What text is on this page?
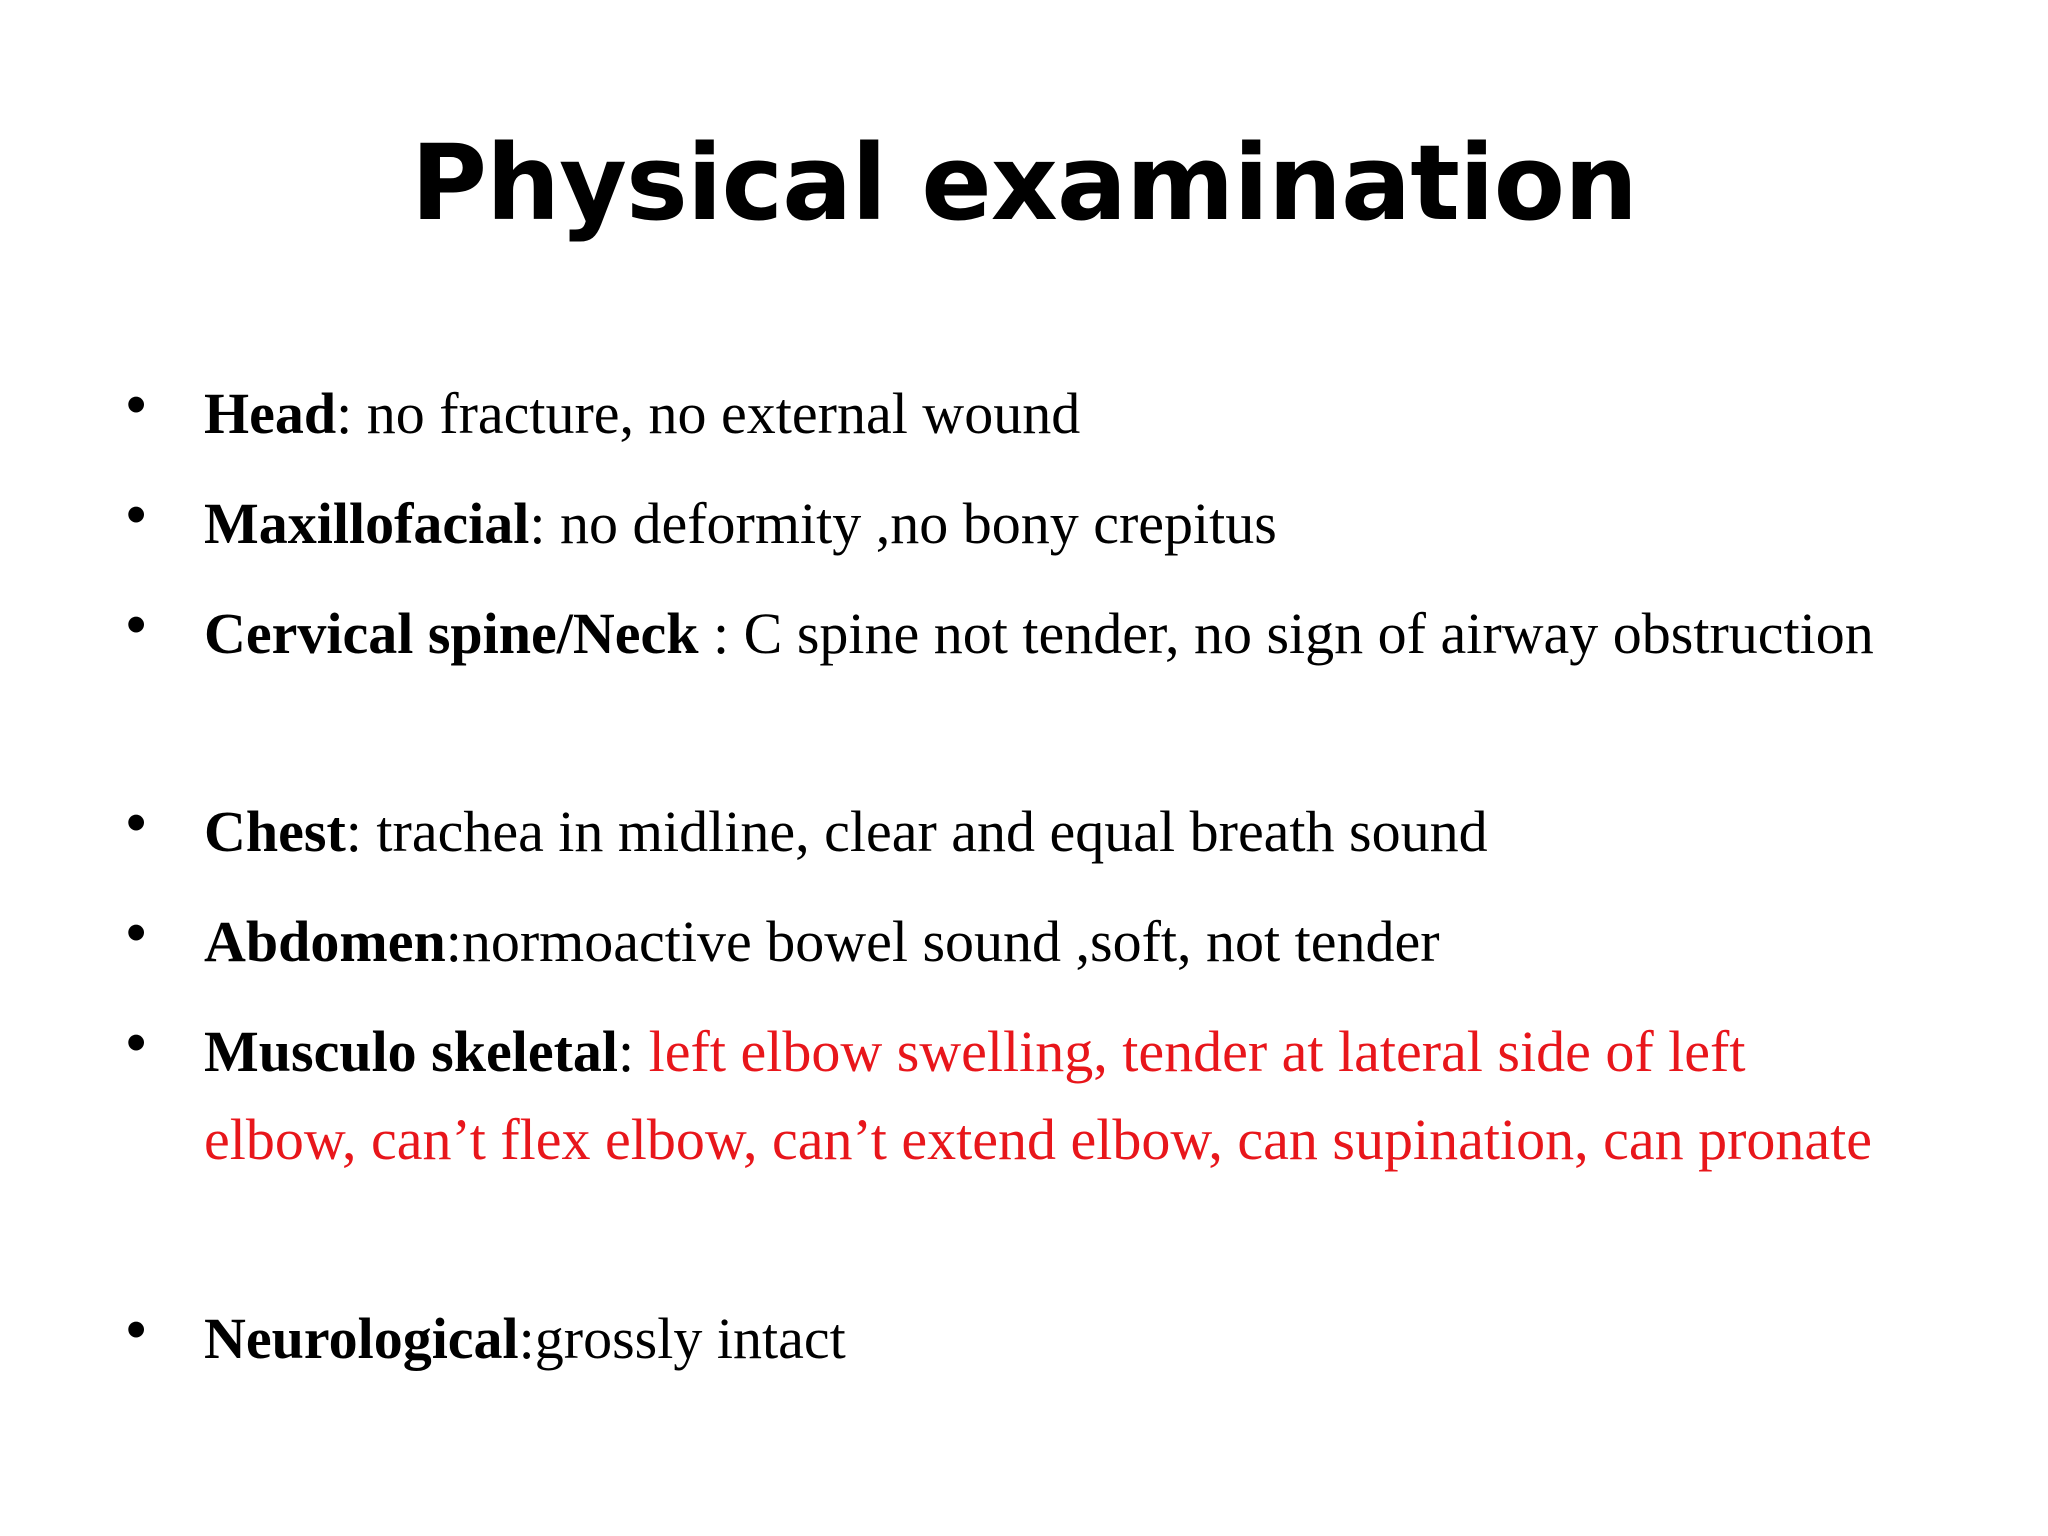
Physical examination
• Head: no fracture, no external wound
• Maxillofacial: no deformity ,no bony crepitus
• Cervical spine/Neck : C spine not tender, no sign of airway obstruction
• Chest: trachea in midline, clear and equal breath sound
• Abdomen:normoactive bowel sound ,soft, not tender
• Musculo skeletal: left elbow swelling, tender at lateral side of left elbow, can’t flex elbow, can’t extend elbow, can supination, can pronate
• Neurological:grossly intact
